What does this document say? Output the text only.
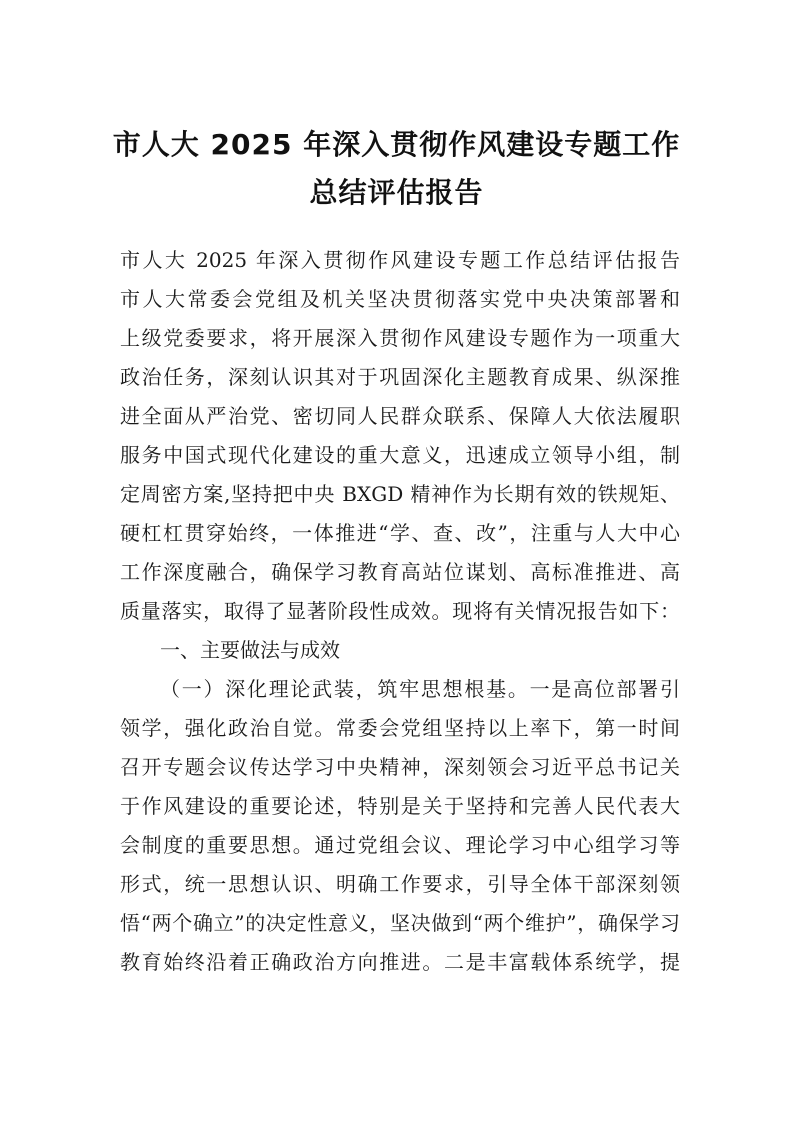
市人大 2025 年深入贯彻作风建设专题工作
总结评估报告
市人大 2025 年深入贯彻作风建设专题工作总结评估报告
市人大常委会党组及机关坚决贯彻落实党中央决策部署和
上级党委要求，将开展深入贯彻作风建设专题作为一项重大
政治任务，深刻认识其对于巩固深化主题教育成果、纵深推
进全面从严治党、密切同人民群众联系、保障人大依法履职
服务中国式现代化建设的重大意义，迅速成立领导小组，制
定周密方案,坚持把中央 BXGD 精神作为长期有效的铁规矩、
硬杠杠贯穿始终，一体推进“学、查、改”，注重与人大中心
工作深度融合，确保学习教育高站位谋划、高标准推进、高
质量落实，取得了显著阶段性成效。现将有关情况报告如下：
一、主要做法与成效
（一）深化理论武装，筑牢思想根基。一是高位部署引
领学，强化政治自觉。常委会党组坚持以上率下，第一时间
召开专题会议传达学习中央精神，深刻领会习近平总书记关
于作风建设的重要论述，特别是关于坚持和完善人民代表大
会制度的重要思想。通过党组会议、理论学习中心组学习等
形式，统一思想认识、明确工作要求，引导全体干部深刻领
悟“两个确立”的决定性意义，坚决做到“两个维护”，确保学习
教育始终沿着正确政治方向推进。二是丰富载体系统学，提
